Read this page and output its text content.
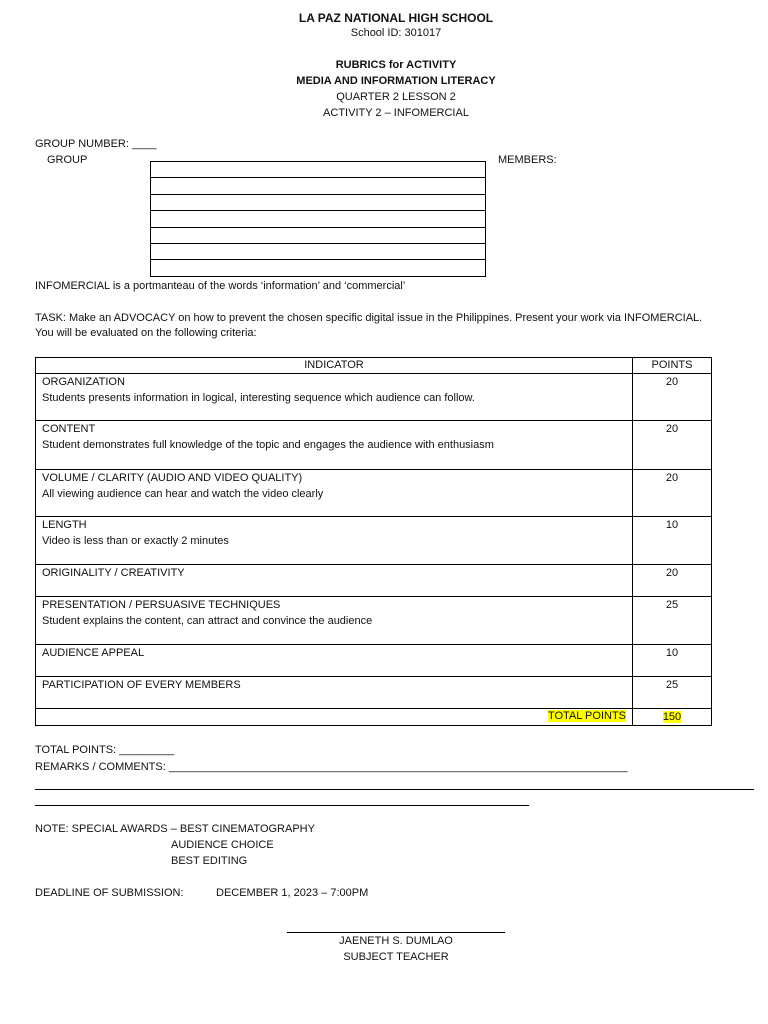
LA PAZ NATIONAL HIGH SCHOOL
School ID: 301017
RUBRICS for ACTIVITY
MEDIA AND INFORMATION LITERACY
QUARTER 2 LESSON 2
ACTIVITY 2 – INFOMERCIAL
GROUP NUMBER: ____
GROUP	MEMBERS:
INFOMERCIAL is a portmanteau of the words ‘information’ and ‘commercial’
TASK: Make an ADVOCACY on how to prevent the chosen specific digital issue in the Philippines. Present your work via INFOMERCIAL.
You will be evaluated on the following criteria:
INDICATOR	POINTS
ORGANIZATION
Students presents information in logical, interesting sequence which audience can follow.	20
CONTENT
Student demonstrates full knowledge of the topic and engages the audience with enthusiasm	20
VOLUME / CLARITY (AUDIO AND VIDEO QUALITY)
All viewing audience can hear and watch the video clearly	20
LENGTH
Video is less than or exactly 2 minutes	10
ORIGINALITY / CREATIVITY	20
PRESENTATION / PERSUASIVE TECHNIQUES
Student explains the content, can attract and convince the audience	25
AUDIENCE APPEAL	10
PARTICIPATION OF EVERY MEMBERS	25
TOTAL POINTS	150
TOTAL POINTS: _________
REMARKS / COMMENTS: ___________________________________________________________________________
NOTE: SPECIAL AWARDS – BEST CINEMATOGRAPHY
AUDIENCE CHOICE
BEST EDITING
DEADLINE OF SUBMISSION:	DECEMBER 1, 2023 – 7:00PM
JAENETH S. DUMLAO
SUBJECT TEACHER
